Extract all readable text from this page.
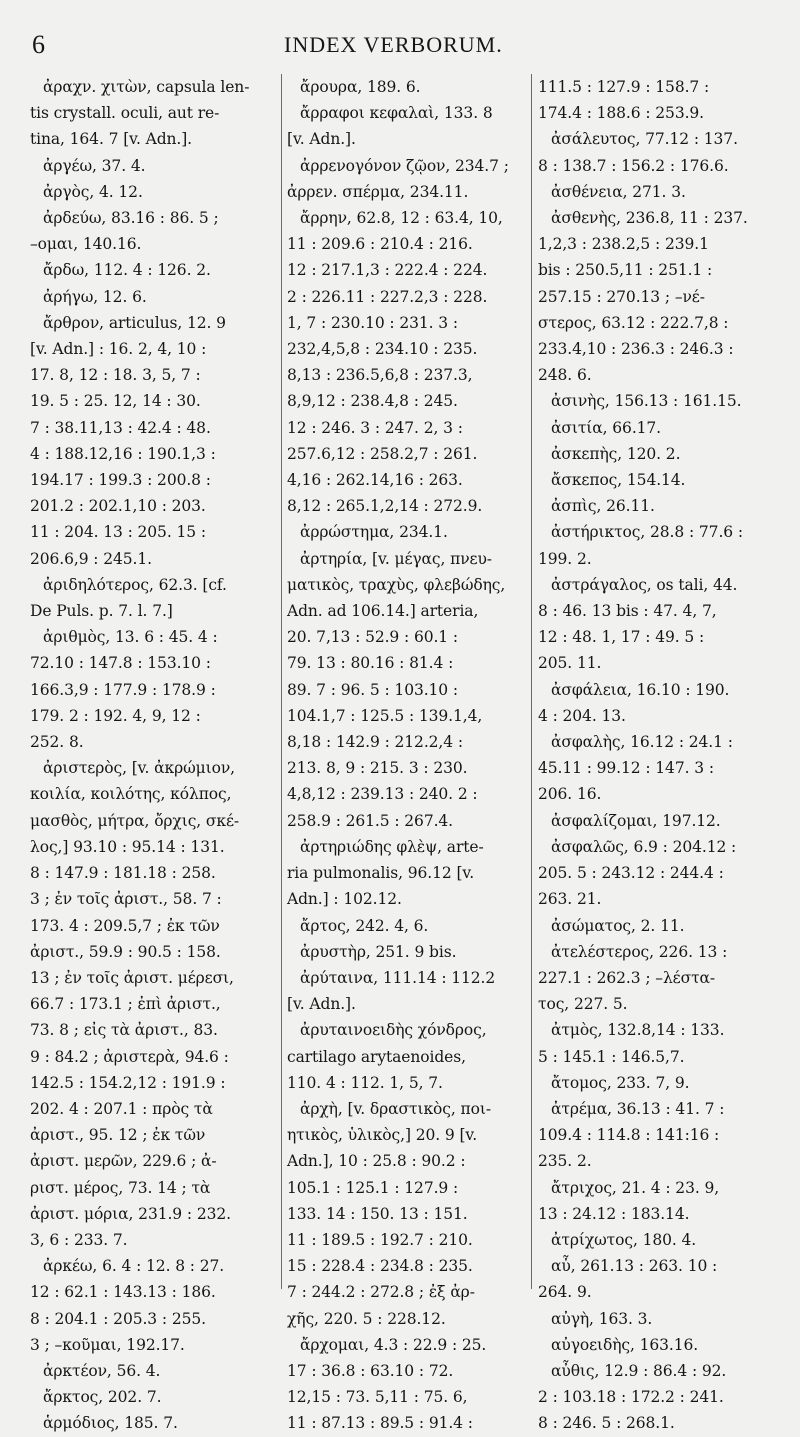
6	INDEX VERBORUM.
ἀραχν. χιτὼν, capsula len-
tis crystall. oculi, aut re-
tina, 164. 7 [v. Adn.].
ἀργέω, 37. 4.
ἀργὸς, 4. 12.
ἀρδεύω, 83.16 : 86. 5 ;
–ομαι, 140.16.
ἄρδω, 112. 4 : 126. 2.
ἀρήγω, 12. 6.
ἄρθρον, articulus, 12. 9
[v. Adn.] : 16. 2, 4, 10 :
17. 8, 12 : 18. 3, 5, 7 :
19. 5 : 25. 12, 14 : 30.
7 : 38.11,13 : 42.4 : 48.
4 : 188.12,16 : 190.1,3 :
194.17 : 199.3 : 200.8 :
201.2 : 202.1,10 : 203.
11 : 204. 13 : 205. 15 :
206.6,9 : 245.1.
ἀριδηλότερος, 62.3. [cf.
De Puls. p. 7. l. 7.]
ἀριθμὸς, 13. 6 : 45. 4 :
72.10 : 147.8 : 153.10 :
166.3,9 : 177.9 : 178.9 :
179. 2 : 192. 4, 9, 12 :
252. 8.
ἀριστερὸς, [v. ἀκρώμιον,
κοιλία, κοιλότης, κόλπος,
μασθὸς, μήτρα, ὄρχις, σκέ-
λος,] 93.10 : 95.14 : 131.
8 : 147.9 : 181.18 : 258.
3 ; ἐν τοῖς ἀριστ., 58. 7 :
173. 4 : 209.5,7 ; ἐκ τῶν
ἀριστ., 59.9 : 90.5 : 158.
13 ; ἐν τοῖς ἀριστ. μέρεσι,
66.7 : 173.1 ; ἐπὶ ἀριστ.,
73. 8 ; εἰς τὰ ἀριστ., 83.
9 : 84.2 ; ἀριστερὰ, 94.6 :
142.5 : 154.2,12 : 191.9 :
202. 4 : 207.1 : πρὸς τὰ
ἀριστ., 95. 12 ; ἐκ τῶν
ἀριστ. μερῶν, 229.6 ; ἀ-
ριστ. μέρος, 73. 14 ; τὰ
ἀριστ. μόρια, 231.9 : 232.
3, 6 : 233. 7.
ἀρκέω, 6. 4 : 12. 8 : 27.
12 : 62.1 : 143.13 : 186.
8 : 204.1 : 205.3 : 255.
3 ; –κοῦμαι, 192.17.
ἀρκτέον, 56. 4.
ἄρκτος, 202. 7.
ἁρμόδιος, 185. 7.
ἄρουρα, 189. 6.
ἄρραφοι κεφαλαὶ, 133. 8
[v. Adn.].
ἀρρενογόνον ζῷον, 234.7 ;
ἀρρεν. σπέρμα, 234.11.
ἄρρην, 62.8, 12 : 63.4, 10,
11 : 209.6 : 210.4 : 216.
12 : 217.1,3 : 222.4 : 224.
2 : 226.11 : 227.2,3 : 228.
1, 7 : 230.10 : 231. 3 :
232,4,5,8 : 234.10 : 235.
8,13 : 236.5,6,8 : 237.3,
8,9,12 : 238.4,8 : 245.
12 : 246. 3 : 247. 2, 3 :
257.6,12 : 258.2,7 : 261.
4,16 : 262.14,16 : 263.
8,12 : 265.1,2,14 : 272.9.
ἀρρώστημα, 234.1.
ἀρτηρία, [v. μέγας, πνευ-
ματικὸς, τραχὺς, φλεβώδης,
Adn. ad 106.14.] arteria,
20. 7,13 : 52.9 : 60.1 :
79. 13 : 80.16 : 81.4 :
89. 7 : 96. 5 : 103.10 :
104.1,7 : 125.5 : 139.1,4,
8,18 : 142.9 : 212.2,4 :
213. 8, 9 : 215. 3 : 230.
4,8,12 : 239.13 : 240. 2 :
258.9 : 261.5 : 267.4.
ἀρτηριώδης φλὲψ, arte-
ria pulmonalis, 96.12 [v.
Adn.] : 102.12.
ἄρτος, 242. 4, 6.
ἀρυστὴρ, 251. 9 bis.
ἀρύταινα, 111.14 : 112.2
[v. Adn.].
ἀρυταινοειδὴς χόνδρος,
cartilago arytaenoides,
110. 4 : 112. 1, 5, 7.
ἀρχὴ, [v. δραστικὸς, ποι-
ητικὸς, ὑλικὸς,] 20. 9 [v.
Adn.], 10 : 25.8 : 90.2 :
105.1 : 125.1 : 127.9 :
133. 14 : 150. 13 : 151.
11 : 189.5 : 192.7 : 210.
15 : 228.4 : 234.8 : 235.
7 : 244.2 : 272.8 ; ἐξ ἀρ-
χῆς, 220. 5 : 228.12.
ἄρχομαι, 4.3 : 22.9 : 25.
17 : 36.8 : 63.10 : 72.
12,15 : 73. 5,11 : 75. 6,
11 : 87.13 : 89.5 : 91.4 :
111.5 : 127.9 : 158.7 :
174.4 : 188.6 : 253.9.
ἀσάλευτος, 77.12 : 137.
8 : 138.7 : 156.2 : 176.6.
ἀσθένεια, 271. 3.
ἀσθενὴς, 236.8, 11 : 237.
1,2,3 : 238.2,5 : 239.1
bis : 250.5,11 : 251.1 :
257.15 : 270.13 ; –νέ-
στερος, 63.12 : 222.7,8 :
233.4,10 : 236.3 : 246.3 :
248. 6.
ἀσινὴς, 156.13 : 161.15.
ἀσιτία, 66.17.
ἀσκεπὴς, 120. 2.
ἄσκεπος, 154.14.
ἀσπὶς, 26.11.
ἀστήρικτος, 28.8 : 77.6 :
199. 2.
ἀστράγαλος, os tali, 44.
8 : 46. 13 bis : 47. 4, 7,
12 : 48. 1, 17 : 49. 5 :
205. 11.
ἀσφάλεια, 16.10 : 190.
4 : 204. 13.
ἀσφαλὴς, 16.12 : 24.1 :
45.11 : 99.12 : 147. 3 :
206. 16.
ἀσφαλίζομαι, 197.12.
ἀσφαλῶς, 6.9 : 204.12 :
205. 5 : 243.12 : 244.4 :
263. 21.
ἀσώματος, 2. 11.
ἀτελέστερος, 226. 13 :
227.1 : 262.3 ; –λέστα-
τος, 227. 5.
ἀτμὸς, 132.8,14 : 133.
5 : 145.1 : 146.5,7.
ἄτομος, 233. 7, 9.
ἀτρέμα, 36.13 : 41. 7 :
109.4 : 114.8 : 141:16 :
235. 2.
ἄτριχος, 21. 4 : 23. 9,
13 : 24.12 : 183.14.
ἀτρίχωτος, 180. 4.
αὖ, 261.13 : 263. 10 :
264. 9.
αὐγὴ, 163. 3.
αὐγοειδὴς, 163.16.
αὖθις, 12.9 : 86.4 : 92.
2 : 103.18 : 172.2 : 241.
8 : 246. 5 : 268.1.
